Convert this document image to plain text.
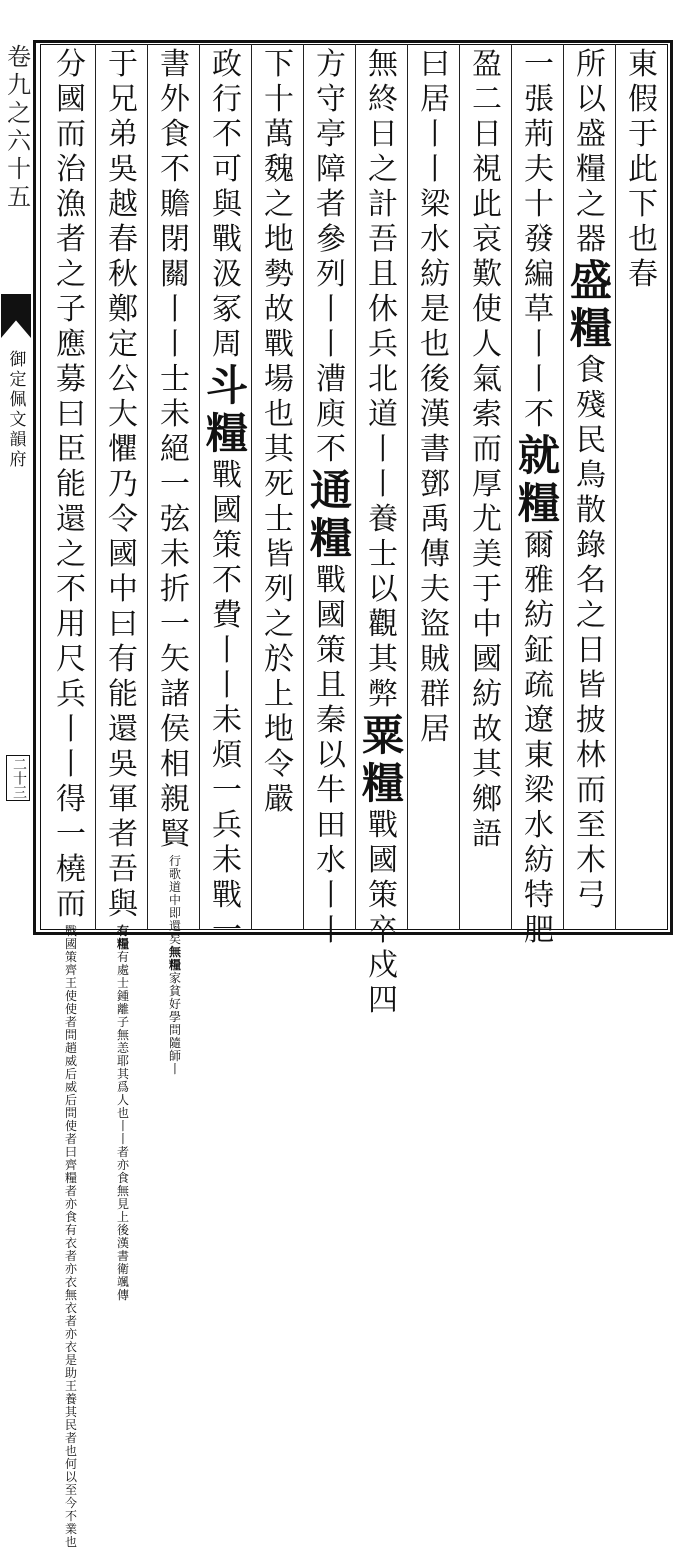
卷九之六十五
御定佩文韻府
二十三
東
假
于
此
下
也
春
所
以
盛
糧
之
器
盛
糧
食
殘
民
鳥
散
錄
名
之
日
皆
披
林
而
至
木
弓
一
張
荊
夫
十
發
編
草
丨
丨
不
就
糧
爾
雅
紡
鉦
疏
遼
東
梁
水
紡
特
肥
盈
二
日
視
此
哀
歎
使
人
氣
索
而
厚
尤
美
于
中
國
紡
故
其
鄉
語
曰
居
丨
丨
梁
水
紡
是
也
後
漢
書
鄧
禹
傳
夫
盜
賊
群
居
無
終
日
之
計
吾
且
休
兵
北
道
丨
丨
養
士
以
觀
其
弊
粟
糧
戰
國
策
卒
戍
四
方
守
亭
障
者
參
列
丨
丨
漕
庾
不
通
糧
戰
國
策
且
秦
以
牛
田
水
丨
丨
下
十
萬
魏
之
地
勢
故
戰
場
也
其
死
士
皆
列
之
於
上
地
令
嚴
政
行
不
可
與
戰
汲
冢
周
斗
糧
戰
國
策
不
費
丨
丨
未
煩
一
兵
未
戰
一
書
外
食
不
贍
閉
關
丨
丨
士
未
絕
一
弦
未
折
一
矢
諸
侯
相
親
賢
行
歌
道
中
即
還
矣
無
糧
家
貧
好
學
問
隨
師
丨
于
兄
弟
吳
越
春
秋
鄭
定
公
大
懼
乃
令
國
中
曰
有
能
還
吳
軍
者
吾
與
有
糧
有
處
士
鍾
離
子
無
恙
耶
其
爲
人
也
丨
丨
者
亦
食
無
見
上
後
漢
書
衛
颯
傳
分
國
而
治
漁
者
之
子
應
募
曰
臣
能
還
之
不
用
尺
兵
丨
丨
得
一
橈
而
戰
國
策
齊
王
使
使
者
問
趙
威
后
威
后
問
使
者
曰
齊
糧
者
亦
食
有
衣
者
亦
衣
無
衣
者
亦
衣
是
助
王
養
其
民
者
也
何
以
至
今
不
業
也
